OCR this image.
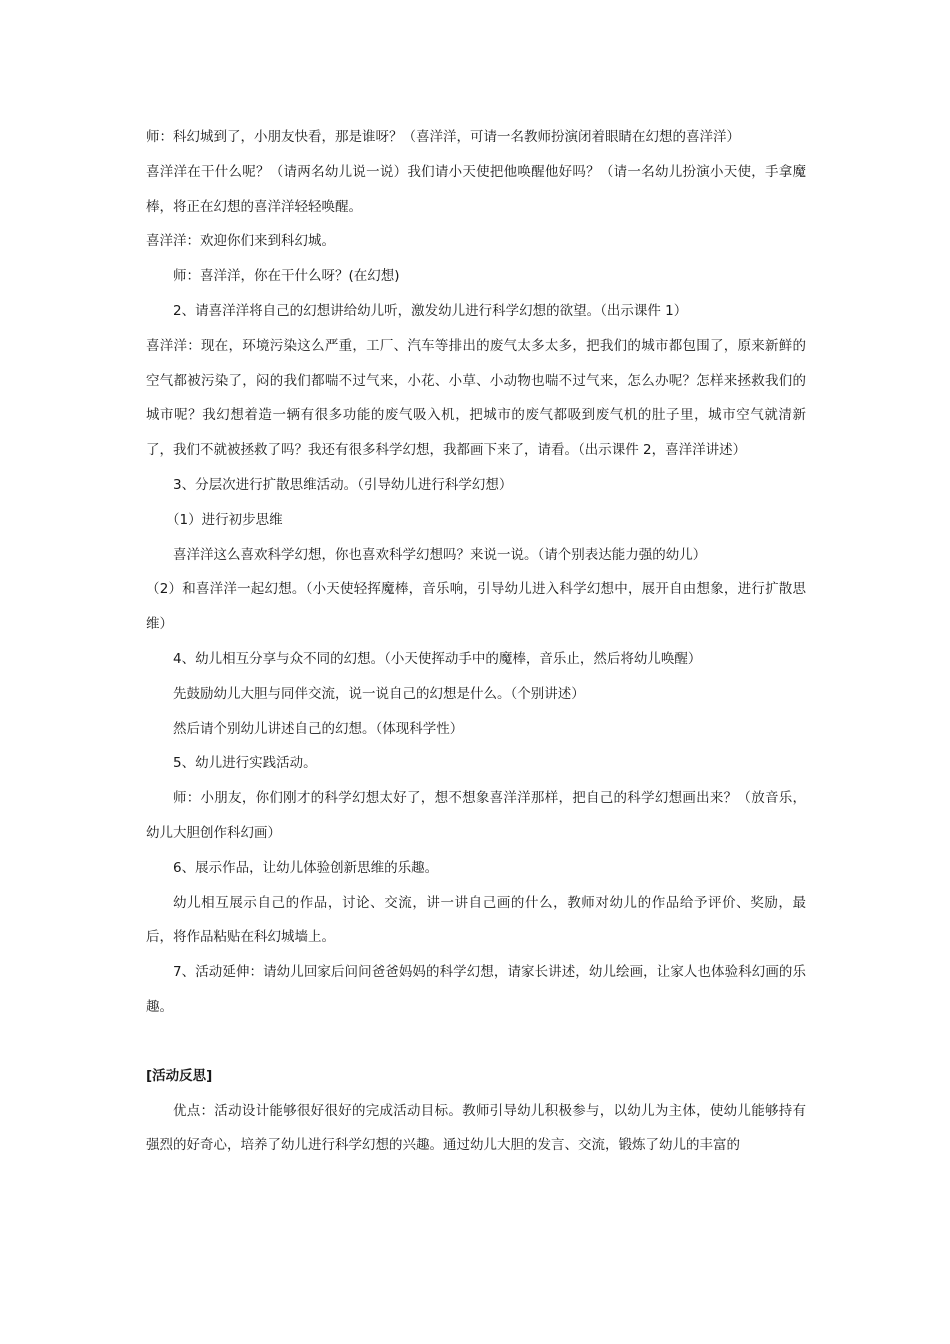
师：科幻城到了，小朋友快看，那是谁呀？（喜洋洋，可请一名教师扮演闭着眼睛在幻想的喜洋洋）

喜洋洋在干什么呢？（请两名幼儿说一说）我们请小天使把他唤醒他好吗？（请一名幼儿扮演小天使，手拿魔棒，将正在幻想的喜洋洋轻轻唤醒。

喜洋洋：欢迎你们来到科幻城。

师：喜洋洋，你在干什么呀？(在幻想)

2、请喜洋洋将自己的幻想讲给幼儿听，激发幼儿进行科学幻想的欲望。（出示课件 1）

喜洋洋：现在，环境污染这么严重，工厂、汽车等排出的废气太多太多，把我们的城市都包围了，原来新鲜的空气都被污染了，闷的我们都喘不过气来，小花、小草、小动物也喘不过气来，怎么办呢？怎样来拯救我们的城市呢？我幻想着造一辆有很多功能的废气吸入机，把城市的废气都吸到废气机的肚子里，城市空气就清新了，我们不就被拯救了吗？我还有很多科学幻想，我都画下来了，请看。（出示课件 2，喜洋洋讲述）

3、分层次进行扩散思维活动。（引导幼儿进行科学幻想）

（1）进行初步思维

喜洋洋这么喜欢科学幻想，你也喜欢科学幻想吗？来说一说。（请个别表达能力强的幼儿）

（2）和喜洋洋一起幻想。（小天使轻挥魔棒，音乐响，引导幼儿进入科学幻想中，展开自由想象，进行扩散思维）

4、幼儿相互分享与众不同的幻想。（小天使挥动手中的魔棒，音乐止，然后将幼儿唤醒）

先鼓励幼儿大胆与同伴交流，说一说自己的幻想是什么。（个别讲述）

然后请个别幼儿讲述自己的幻想。（体现科学性）

5、幼儿进行实践活动。

师：小朋友，你们刚才的科学幻想太好了，想不想象喜洋洋那样，把自己的科学幻想画出来？（放音乐，幼儿大胆创作科幻画）

6、展示作品，让幼儿体验创新思维的乐趣。

幼儿相互展示自己的作品，讨论、交流，讲一讲自己画的什么，教师对幼儿的作品给予评价、奖励，最后，将作品粘贴在科幻城墙上。

7、活动延伸：请幼儿回家后问问爸爸妈妈的科学幻想，请家长讲述，幼儿绘画，让家人也体验科幻画的乐趣。

[活动反思]

优点：活动设计能够很好很好的完成活动目标。教师引导幼儿积极参与，以幼儿为主体，使幼儿能够持有强烈的好奇心，培养了幼儿进行科学幻想的兴趣。通过幼儿大胆的发言、交流，锻炼了幼儿的丰富的
